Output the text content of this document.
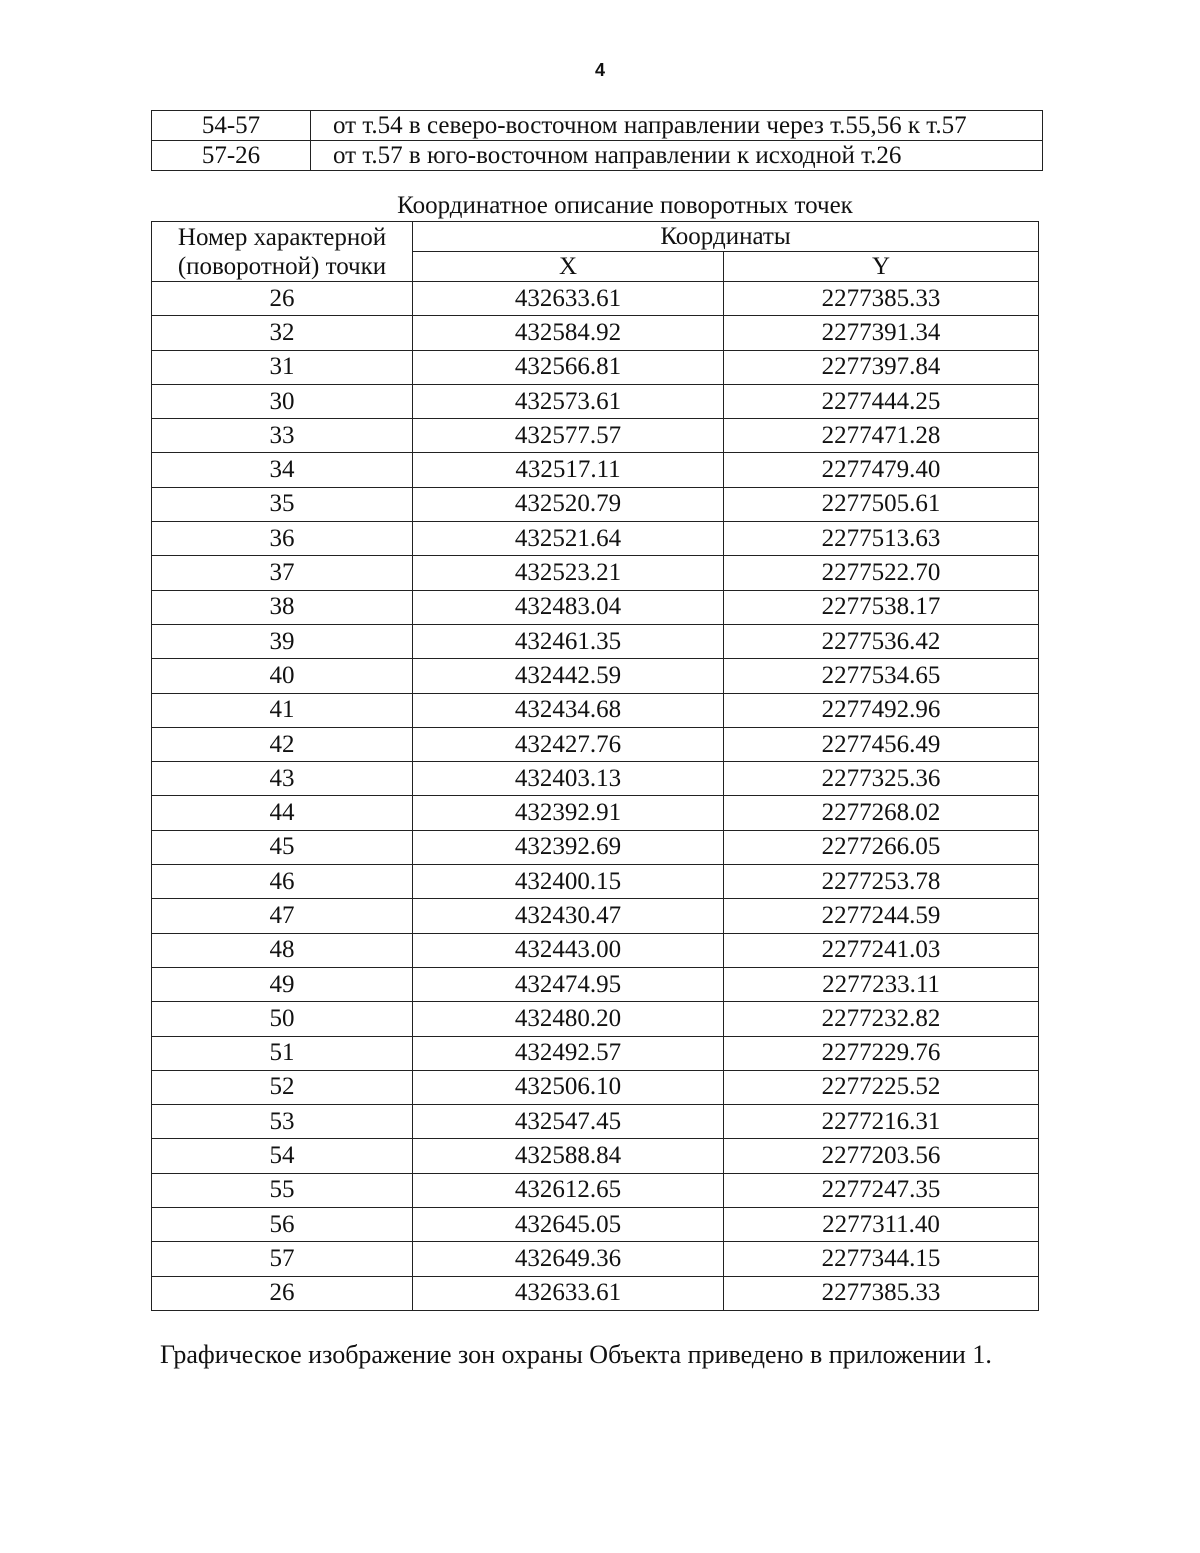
4
54-57	от т.54 в северо-восточном направлении через т.55,56 к т.57
57-26	от т.57 в юго-восточном направлении к исходной т.26
Координатное описание поворотных точек
Номер характерной
(поворотной) точки	Координаты	
	X	Y
26	432633.61	2277385.33
32	432584.92	2277391.34
31	432566.81	2277397.84
30	432573.61	2277444.25
33	432577.57	2277471.28
34	432517.11	2277479.40
35	432520.79	2277505.61
36	432521.64	2277513.63
37	432523.21	2277522.70
38	432483.04	2277538.17
39	432461.35	2277536.42
40	432442.59	2277534.65
41	432434.68	2277492.96
42	432427.76	2277456.49
43	432403.13	2277325.36
44	432392.91	2277268.02
45	432392.69	2277266.05
46	432400.15	2277253.78
47	432430.47	2277244.59
48	432443.00	2277241.03
49	432474.95	2277233.11
50	432480.20	2277232.82
51	432492.57	2277229.76
52	432506.10	2277225.52
53	432547.45	2277216.31
54	432588.84	2277203.56
55	432612.65	2277247.35
56	432645.05	2277311.40
57	432649.36	2277344.15
26	432633.61	2277385.33
Графическое изображение зон охраны Объекта приведено в приложении 1.
